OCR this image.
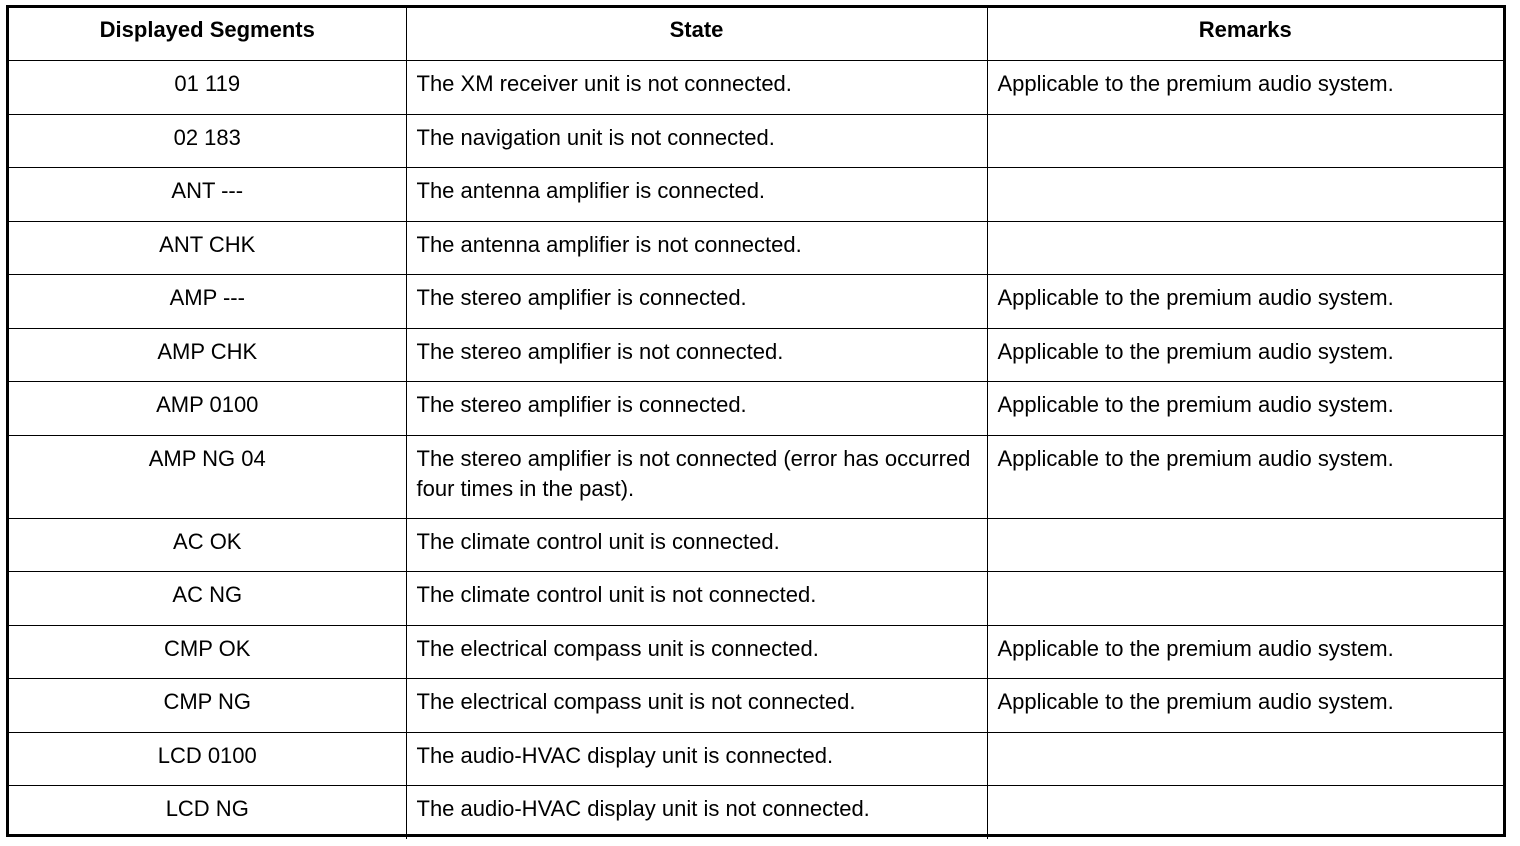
Displayed Segments	State	Remarks
01 119	The XM receiver unit is not connected.	Applicable to the premium audio system.
02 183	The navigation unit is not connected.	
ANT ---	The antenna amplifier is connected.	
ANT CHK	The antenna amplifier is not connected.	
AMP ---	The stereo amplifier is connected.	Applicable to the premium audio system.
AMP CHK	The stereo amplifier is not connected.	Applicable to the premium audio system.
AMP 0100	The stereo amplifier is connected.	Applicable to the premium audio system.
AMP NG 04	The stereo amplifier is not connected (error has occurred four times in the past).	Applicable to the premium audio system.
AC OK	The climate control unit is connected.	
AC NG	The climate control unit is not connected.	
CMP OK	The electrical compass unit is connected.	Applicable to the premium audio system.
CMP NG	The electrical compass unit is not connected.	Applicable to the premium audio system.
LCD 0100	The audio-HVAC display unit is connected.	
LCD NG	The audio-HVAC display unit is not connected.	
